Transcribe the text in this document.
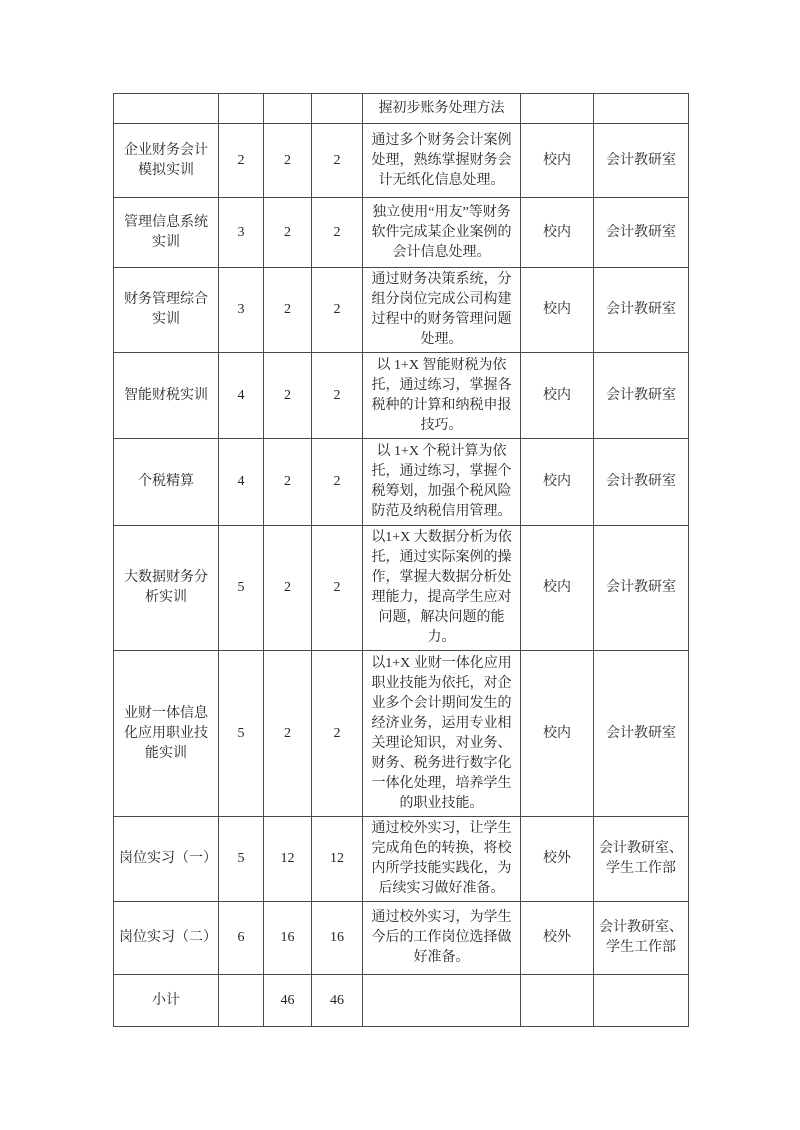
				握初步账务处理方法		
企业财务会计模拟实训	2	2	2	通过多个财务会计案例处理，熟练掌握财务会计无纸化信息处理。	校内	会计教研室
管理信息系统实训	3	2	2	独立使用“用友”等财务软件完成某企业案例的会计信息处理。	校内	会计教研室
财务管理综合实训	3	2	2	通过财务决策系统，分组分岗位完成公司构建过程中的财务管理问题处理。	校内	会计教研室
智能财税实训	4	2	2	以 1+X 智能财税为依托，通过练习，掌握各税种的计算和纳税申报技巧。	校内	会计教研室
个税精算	4	2	2	以 1+X 个税计算为依托，通过练习，掌握个税筹划，加强个税风险防范及纳税信用管理。	校内	会计教研室
大数据财务分析实训	5	2	2	以1+X 大数据分析为依托，通过实际案例的操作，掌握大数据分析处理能力，提高学生应对问题，解决问题的能力。	校内	会计教研室
业财一体信息化应用职业技能实训	5	2	2	以1+X 业财一体化应用职业技能为依托，对企业多个会计期间发生的经济业务，运用专业相关理论知识，对业务、财务、税务进行数字化一体化处理，培养学生的职业技能。	校内	会计教研室
岗位实习（一）	5	12	12	通过校外实习，让学生完成角色的转换，将校内所学技能实践化，为后续实习做好准备。	校外	会计教研室、学生工作部
岗位实习（二）	6	16	16	通过校外实习，为学生今后的工作岗位选择做好准备。	校外	会计教研室、学生工作部
小计		46	46			
